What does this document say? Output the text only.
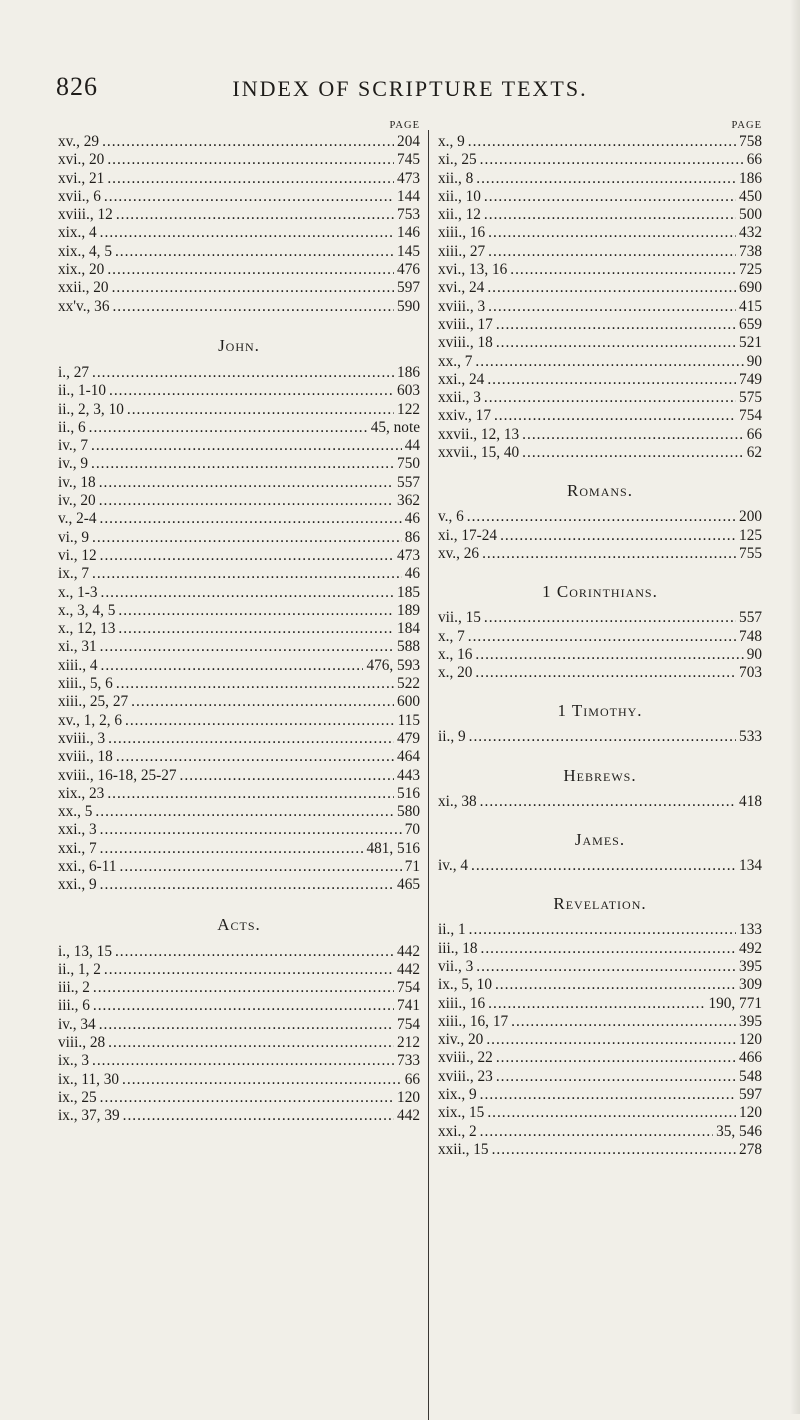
826	INDEX OF SCRIPTURE TEXTS.
PAGE
xv., 29 .....	204
xvi., 20 .....	745
xvi., 21 .....	473
xvii., 6 .....	144
xviii., 12 .....	753
xix., 4 .....	146
xix., 4, 5 .....	145
xix., 20 .....	476
xxii., 20 .....	597
xx'v., 36 .....	590
John.
i., 27 .....	186
ii., 1-10 .....	603
ii., 2, 3, 10 .....	122
ii., 6 .....	45, note
iv., 7 .....	44
iv., 9 .....	750
iv., 18 .....	557
iv., 20 .....	362
v., 2-4 .....	46
vi., 9 .....	86
vi., 12 .....	473
ix., 7 .....	46
x., 1-3 .....	185
x., 3, 4, 5 .....	189
x., 12, 13 .....	184
xi., 31 .....	588
xiii., 4 .....	476, 593
xiii., 5, 6 .....	522
xiii., 25, 27 .....	600
xv., 1, 2, 6 .....	115
xviii., 3 .....	479
xviii., 18 .....	464
xviii., 16-18, 25-27 .....	443
xix., 23 .....	516
xx., 5 .....	580
xxi., 3 .....	70
xxi., 7 .....	481, 516
xxi., 6-11 .....	71
xxi., 9 .....	465
Acts.
i., 13, 15 .....	442
ii., 1, 2 .....	442
iii., 2 .....	754
iii., 6 .....	741
iv., 34 .....	754
viii., 28 .....	212
ix., 3 .....	733
ix., 11, 30 .....	66
ix., 25 .....	120
ix., 37, 39 .....	442
PAGE
x., 9 .....	758
xi., 25 .....	66
xii., 8 .....	186
xii., 10 .....	450
xii., 12 .....	500
xiii., 16 .....	432
xiii., 27 .....	738
xvi., 13, 16 .....	725
xvi., 24 .....	690
xviii., 3 .....	415
xviii., 17 .....	659
xviii., 18 .....	521
xx., 7 .....	90
xxi., 24 .....	749
xxii., 3 .....	575
xxiv., 17 .....	754
xxvii., 12, 13 .....	66
xxvii., 15, 40 .....	62
Romans.
v., 6 .....	200
xi., 17-24 .....	125
xv., 26 .....	755
1 Corinthians.
vii., 15 .....	557
x., 7 .....	748
x., 16 .....	90
x., 20 .....	703
1 Timothy.
ii., 9 .....	533
Hebrews.
xi., 38 .....	418
James.
iv., 4 .....	134
Revelation.
ii., 1 .....	133
iii., 18 .....	492
vii., 3 .....	395
ix., 5, 10 .....	309
xiii., 16 .....	190, 771
xiii., 16, 17 .....	395
xiv., 20 .....	120
xviii., 22 .....	466
xviii., 23 .....	548
xix., 9 .....	597
xix., 15 .....	120
xxi., 2 .....	35, 546
xxii., 15 .....	278
